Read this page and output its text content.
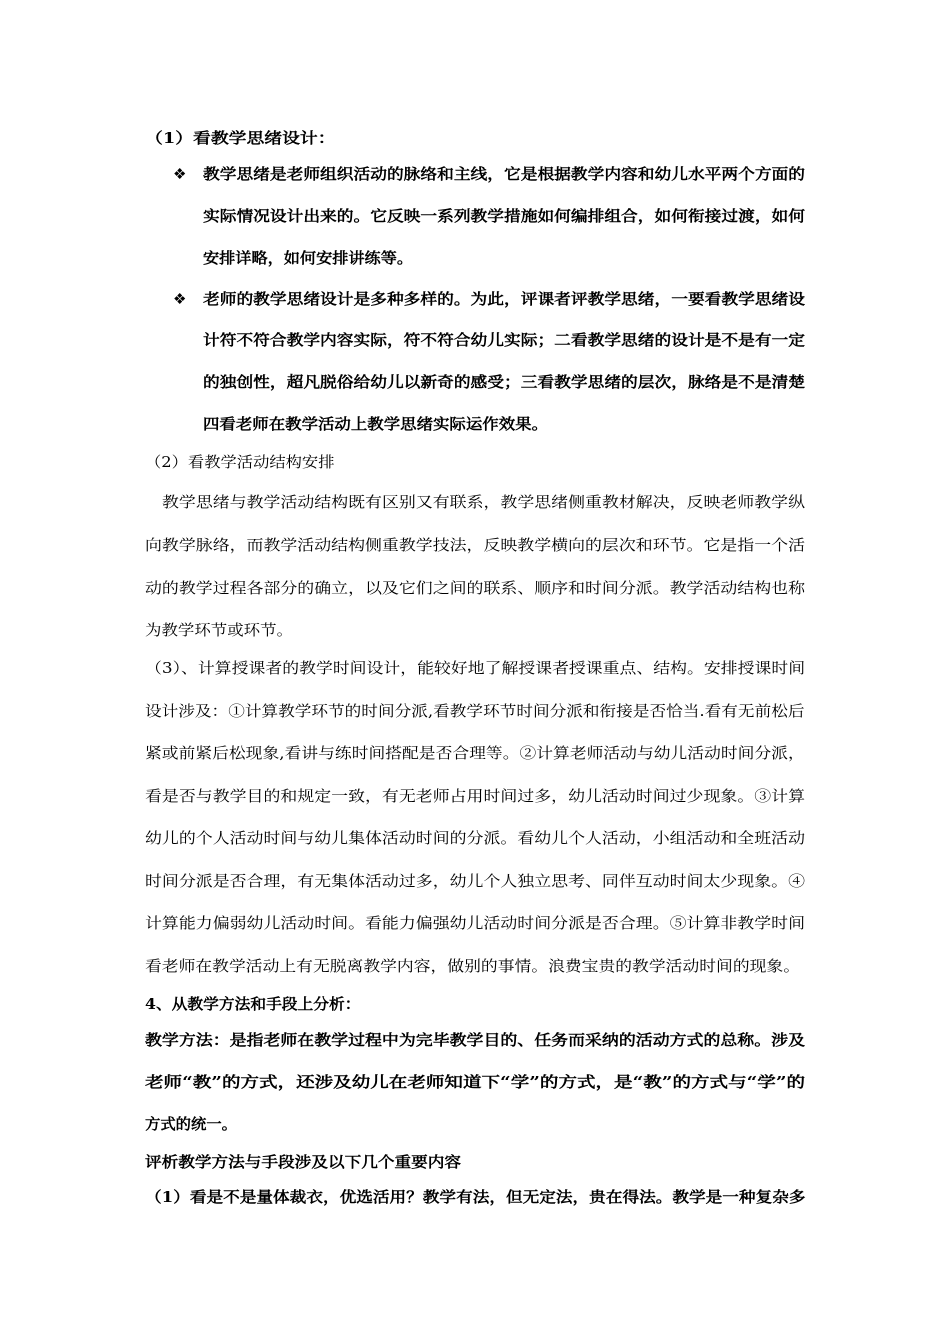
（1）看教学思绪设计：
❖ 教学思绪是老师组织活动的脉络和主线，它是根据教学内容和幼儿水平两个方面的
实际情况设计出来的。它反映一系列教学措施如何编排组合，如何衔接过渡，如何
安排详略，如何安排讲练等。
❖ 老师的教学思绪设计是多种多样的。为此，评课者评教学思绪，一要看教学思绪设
计符不符合教学内容实际，符不符合幼儿实际；二看教学思绪的设计是不是有一定
的独创性，超凡脱俗给幼儿以新奇的感受；三看教学思绪的层次，脉络是不是清楚
四看老师在教学活动上教学思绪实际运作效果。
（2）看教学活动结构安排
教学思绪与教学活动结构既有区别又有联系，教学思绪侧重教材解决，反映老师教学纵
向教学脉络，而教学活动结构侧重教学技法，反映教学横向的层次和环节。它是指一个活
动的教学过程各部分的确立，以及它们之间的联系、顺序和时间分派。教学活动结构也称
为教学环节或环节。
（3）、计算授课者的教学时间设计，能较好地了解授课者授课重点、结构。安排授课时间
设计涉及：①计算教学环节的时间分派,看教学环节时间分派和衔接是否恰当.看有无前松后
紧或前紧后松现象,看讲与练时间搭配是否合理等。②计算老师活动与幼儿活动时间分派，
看是否与教学目的和规定一致，有无老师占用时间过多，幼儿活动时间过少现象。③计算
幼儿的个人活动时间与幼儿集体活动时间的分派。看幼儿个人活动，小组活动和全班活动
时间分派是否合理，有无集体活动过多，幼儿个人独立思考、同伴互动时间太少现象。④
计算能力偏弱幼儿活动时间。看能力偏强幼儿活动时间分派是否合理。⑤计算非教学时间
看老师在教学活动上有无脱离教学内容，做别的事情。浪费宝贵的教学活动时间的现象。
4、从教学方法和手段上分析：
教学方法：是指老师在教学过程中为完毕教学目的、任务而采纳的活动方式的总称。涉及
老师“教”的方式，还涉及幼儿在老师知道下“学”的方式，是“教”的方式与“学”的
方式的统一。
评析教学方法与手段涉及以下几个重要内容
（1）看是不是量体裁衣，优选活用？教学有法，但无定法，贵在得法。教学是一种复杂多
